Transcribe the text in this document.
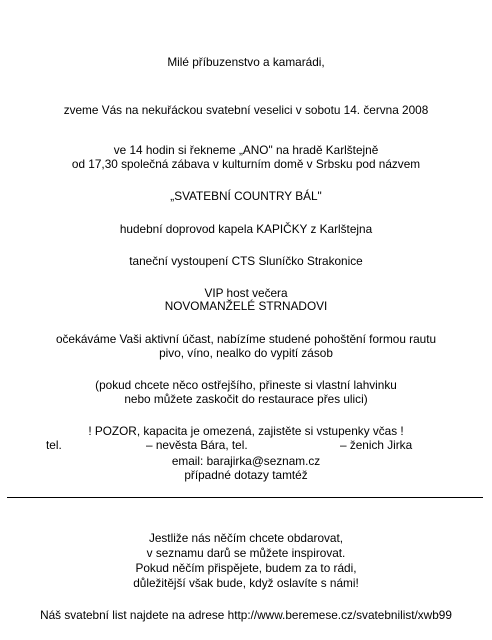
Milé příbuzenstvo a kamarádi,
zveme Vás na nekuřáckou svatební veselici v sobotu 14. června 2008
ve 14 hodin si řekneme „ANO" na hradě Karlštejně
od 17,30 společná zábava v kulturním domě v Srbsku pod názvem
„SVATEBNÍ COUNTRY BÁL"
hudební doprovod kapela KAPIČKY z Karlštejna
taneční vystoupení CTS Sluníčko Strakonice
VIP host večera
NOVOMANŽELÉ STRNADOVI
očekáváme Vaši aktivní účast, nabízíme studené pohoštění formou rautu
pivo, víno, nealko do vypití zásob
(pokud chcete něco ostřejšího, přineste si vlastní lahvinku
nebo můžete zaskočit do restaurace přes ulici)
! POZOR, kapacita je omezená, zajistěte si vstupenky včas !
tel.	– nevěsta Bára, tel.	– ženich Jirka
email: barajirka@seznam.cz
případné dotazy tamtéž
Jestliže nás něčím chcete obdarovat,
v seznamu darů se můžete inspirovat.
Pokud něčím přispějete, budem za to rádi,
důležitější však bude, když oslavíte s námi!
Náš svatební list najdete na adrese http://www.beremese.cz/svatebnilist/xwb99
